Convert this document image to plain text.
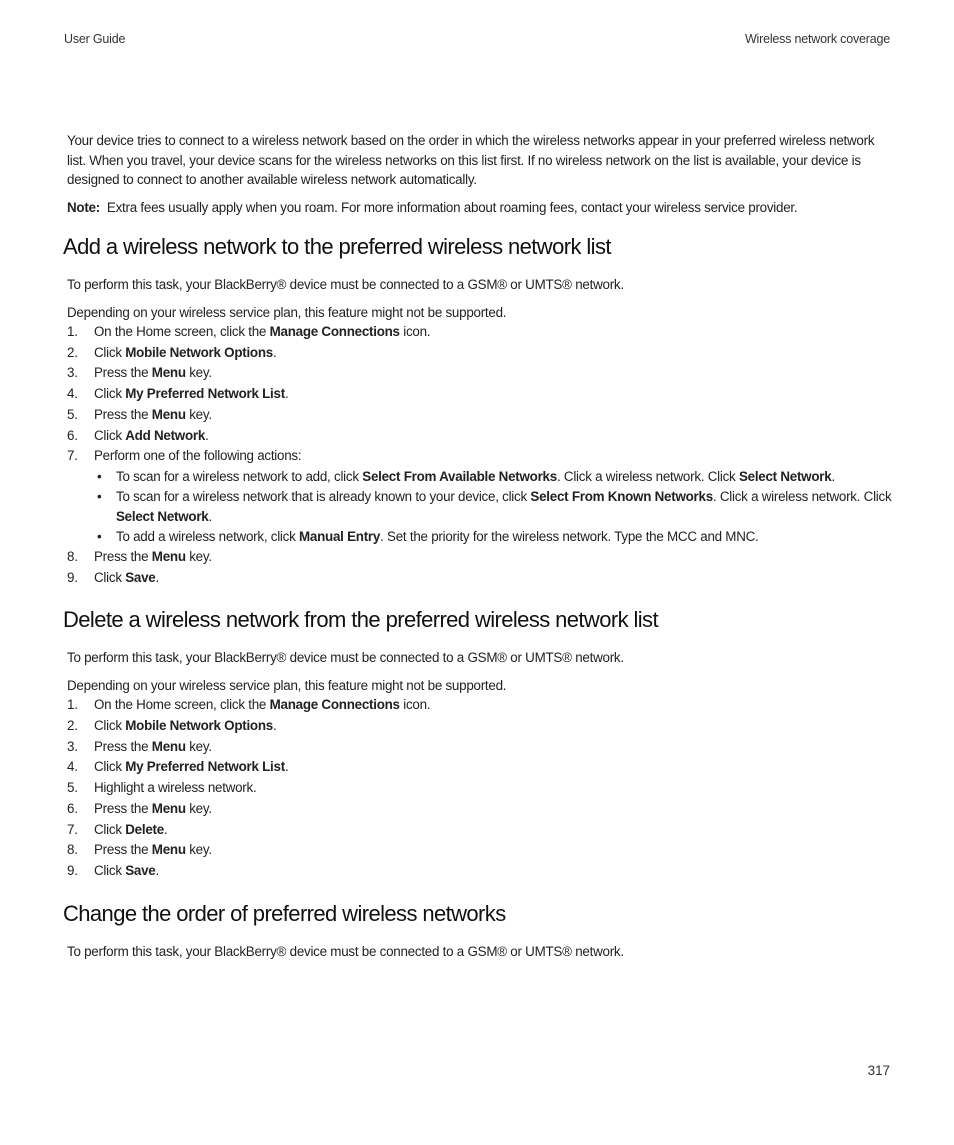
User Guide	Wireless network coverage

Your device tries to connect to a wireless network based on the order in which the wireless networks appear in your preferred wireless network list. When you travel, your device scans for the wireless networks on this list first. If no wireless network on the list is available, your device is designed to connect to another available wireless network automatically.

Note: Extra fees usually apply when you roam. For more information about roaming fees, contact your wireless service provider.

Add a wireless network to the preferred wireless network list

To perform this task, your BlackBerry® device must be connected to a GSM® or UMTS® network.

Depending on your wireless service plan, this feature might not be supported.

1. On the Home screen, click the Manage Connections icon.
2. Click Mobile Network Options.
3. Press the Menu key.
4. Click My Preferred Network List.
5. Press the Menu key.
6. Click Add Network.
7. Perform one of the following actions:
• To scan for a wireless network to add, click Select From Available Networks. Click a wireless network. Click Select Network.
• To scan for a wireless network that is already known to your device, click Select From Known Networks. Click a wireless network. Click Select Network.
• To add a wireless network, click Manual Entry. Set the priority for the wireless network. Type the MCC and MNC.
8. Press the Menu key.
9. Click Save.
Delete a wireless network from the preferred wireless network list

To perform this task, your BlackBerry® device must be connected to a GSM® or UMTS® network.

Depending on your wireless service plan, this feature might not be supported.

1. On the Home screen, click the Manage Connections icon.
2. Click Mobile Network Options.
3. Press the Menu key.
4. Click My Preferred Network List.
5. Highlight a wireless network.
6. Press the Menu key.
7. Click Delete.
8. Press the Menu key.
9. Click Save.
Change the order of preferred wireless networks

To perform this task, your BlackBerry® device must be connected to a GSM® or UMTS® network.

317
